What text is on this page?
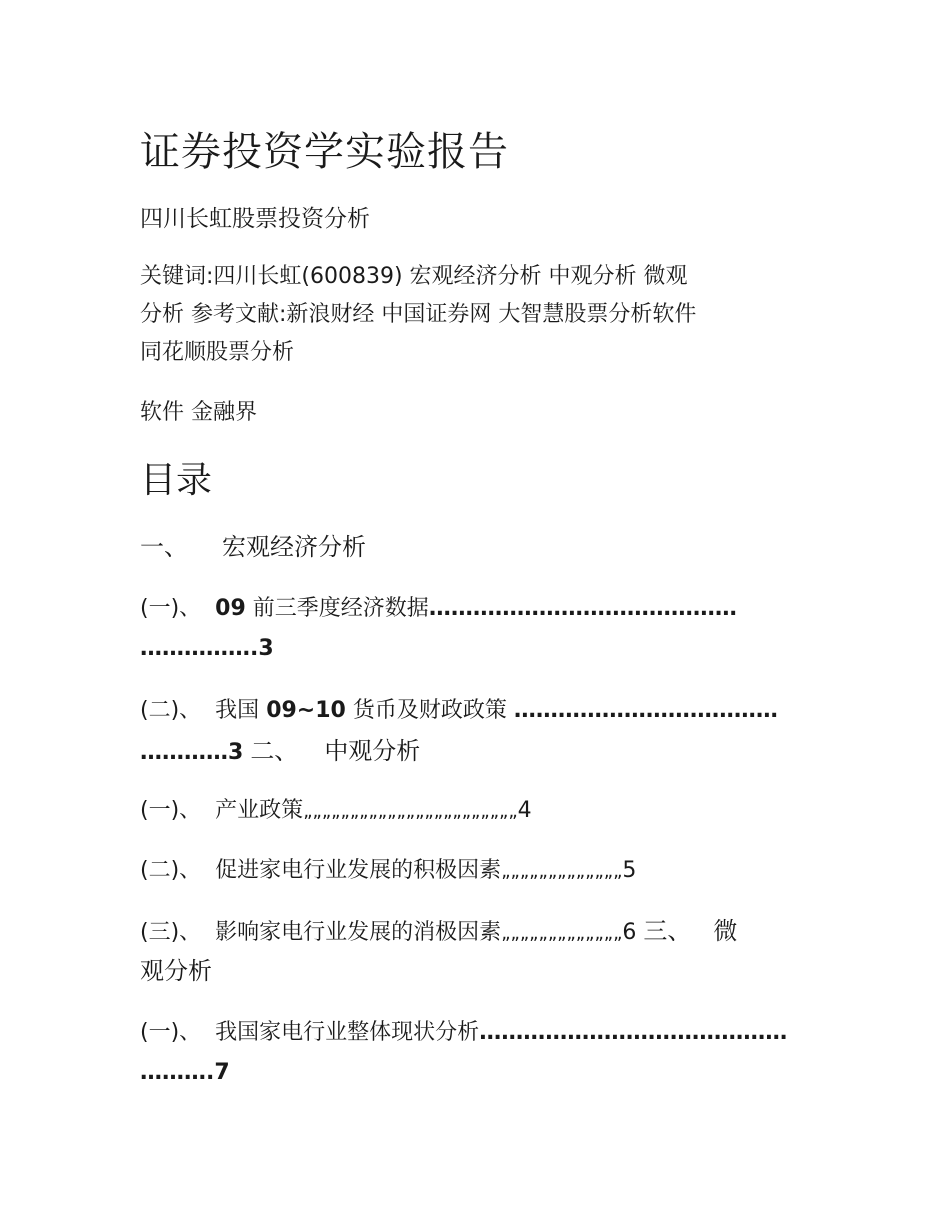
证券投资学实验报告
四川长虹股票投资分析
关键词:四川长虹(600839) 宏观经济分析 中观分析 微观
分析 参考文献:新浪财经 中国证券网 大智慧股票分析软件
同花顺股票分析
软件 金融界
目录
一、 宏观经济分析
(一)、 09 前三季度经济数据……………………………………
…………….3
(二)、 我国 09~10 货币及财政政策 ………………………………
…………3 二、 中观分析
(一)、 产业政策„„„„„„„„„„„„„„„„„„„„„„„4
(二)、 促进家电行业发展的积极因素„„„„„„„„„„„„„5
(三)、 影响家电行业发展的消极因素„„„„„„„„„„„„„6 三、 微
观分析
(一)、 我国家电行业整体现状分析……………………………………
……….7
